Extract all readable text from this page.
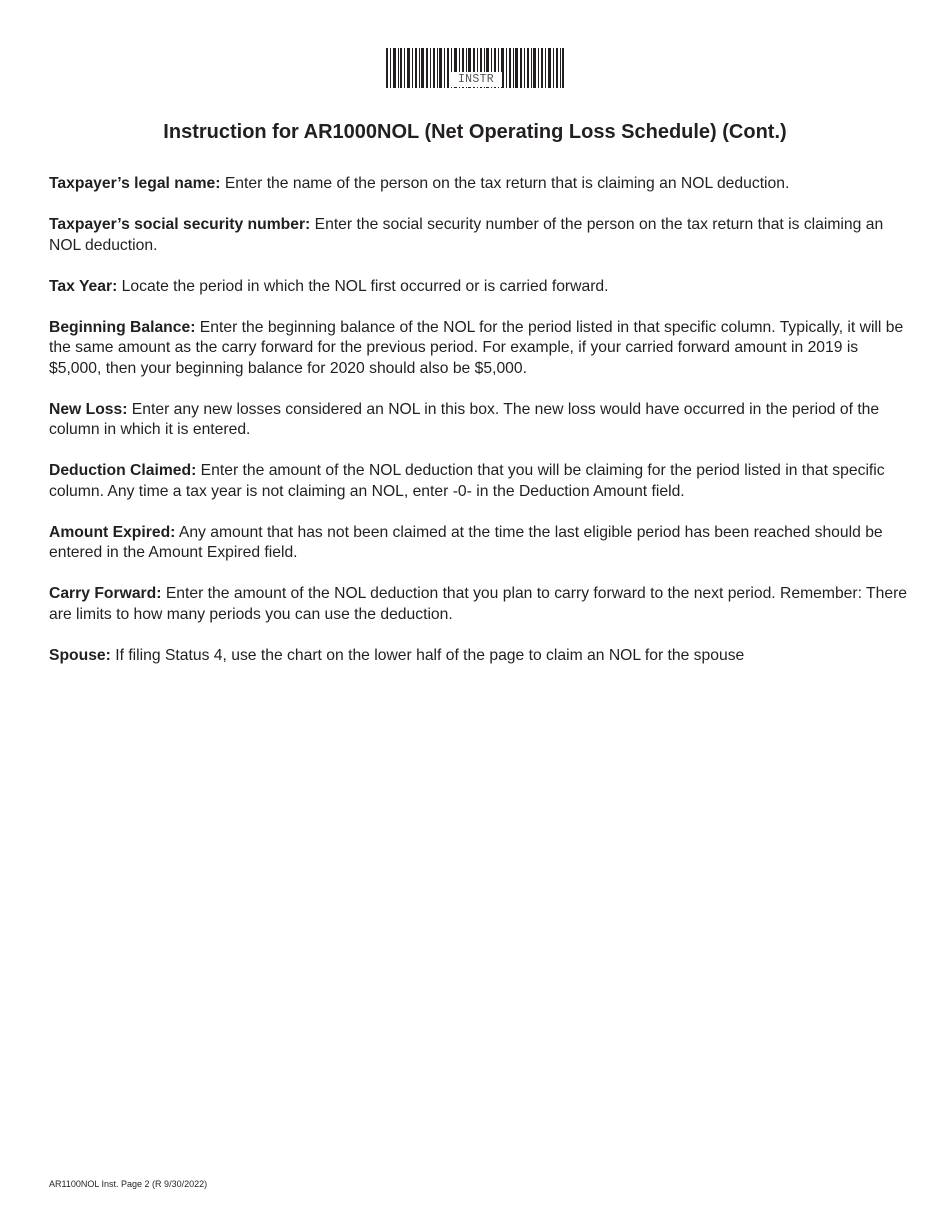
INSTR
Instruction for AR1000NOL (Net Operating Loss Schedule) (Cont.)

Taxpayer’s legal name: Enter the name of the person on the tax return that is claiming an NOL deduction.

Taxpayer’s social security number: Enter the social security number of the person on the tax return that is claiming an NOL deduction.

Tax Year: Locate the period in which the NOL first occurred or is carried forward.

Beginning Balance: Enter the beginning balance of the NOL for the period listed in that specific column. Typically, it will be the same amount as the carry forward for the previous period. For example, if your carried forward amount in 2019 is $5,000, then your beginning balance for 2020 should also be $5,000.

New Loss: Enter any new losses considered an NOL in this box. The new loss would have occurred in the period of the column in which it is entered.

Deduction Claimed: Enter the amount of the NOL deduction that you will be claiming for the period listed in that specific column. Any time a tax year is not claiming an NOL, enter -0- in the Deduction Amount field.

Amount Expired: Any amount that has not been claimed at the time the last eligible period has been reached should be entered in the Amount Expired field.

Carry Forward: Enter the amount of the NOL deduction that you plan to carry forward to the next period. Remember: There are limits to how many periods you can use the deduction.

Spouse: If filing Status 4, use the chart on the lower half of the page to claim an NOL for the spouse

AR1100NOL Inst. Page 2 (R 9/30/2022)
